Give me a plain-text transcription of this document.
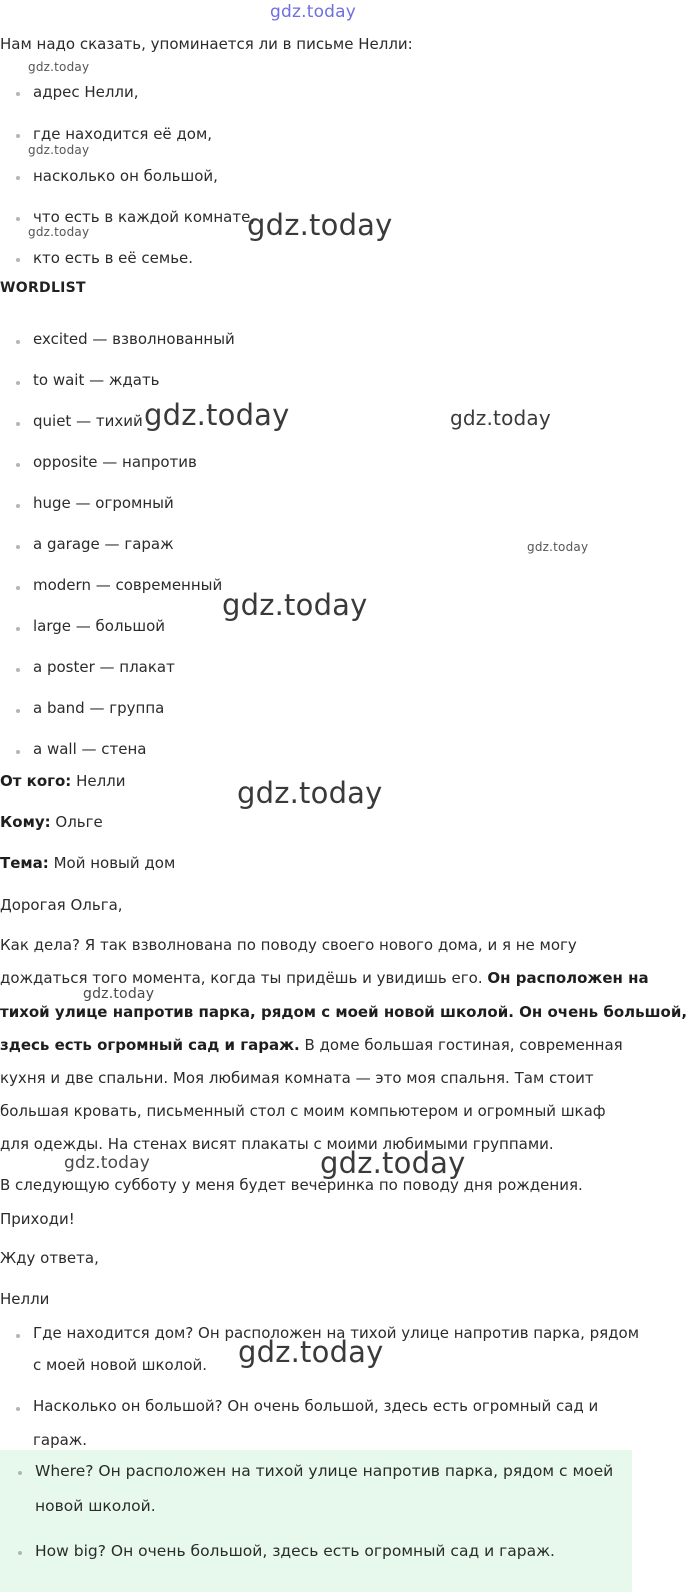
gdz.today
gdz.today
gdz.today
gdz.today	gdz.today
gdz.today	gdz.today
gdz.today
gdz.today
gdz.today
gdz.today
gdz.today	gdz.today
gdz.today
Нам надо сказать, упоминается ли в письме Нелли:
адрес Нелли,
где находится её дом,
насколько он большой,
что есть в каждой комнате,
кто есть в её семье.
WORDLIST
excited — взволнованный
to wait — ждать
quiet — тихий
opposite — напротив
huge — огромный
a garage — гараж
modern — современный
large — большой
a poster — плакат
a band — группа
a wall — стена
От кого: Нелли
Кому: Ольге
Тема: Мой новый дом
Дорогая Ольга,
Как дела? Я так взволнована по поводу своего нового дома, и я не могу
дождаться того момента, когда ты придёшь и увидишь его. Он расположен на
тихой улице напротив парка, рядом с моей новой школой. Он очень большой,
здесь есть огромный сад и гараж. В доме большая гостиная, современная
кухня и две спальни. Моя любимая комната — это моя спальня. Там стоит
большая кровать, письменный стол с моим компьютером и огромный шкаф
для одежды. На стенах висят плакаты с моими любимыми группами.
В следующую субботу у меня будет вечеринка по поводу дня рождения.
Приходи!
Жду ответа,
Нелли
Где находится дом? Он расположен на тихой улице напротив парка, рядом
с моей новой школой.
Насколько он большой? Он очень большой, здесь есть огромный сад и
гараж.
Where? Он расположен на тихой улице напротив парка, рядом с моей
новой школой.
How big? Он очень большой, здесь есть огромный сад и гараж.
